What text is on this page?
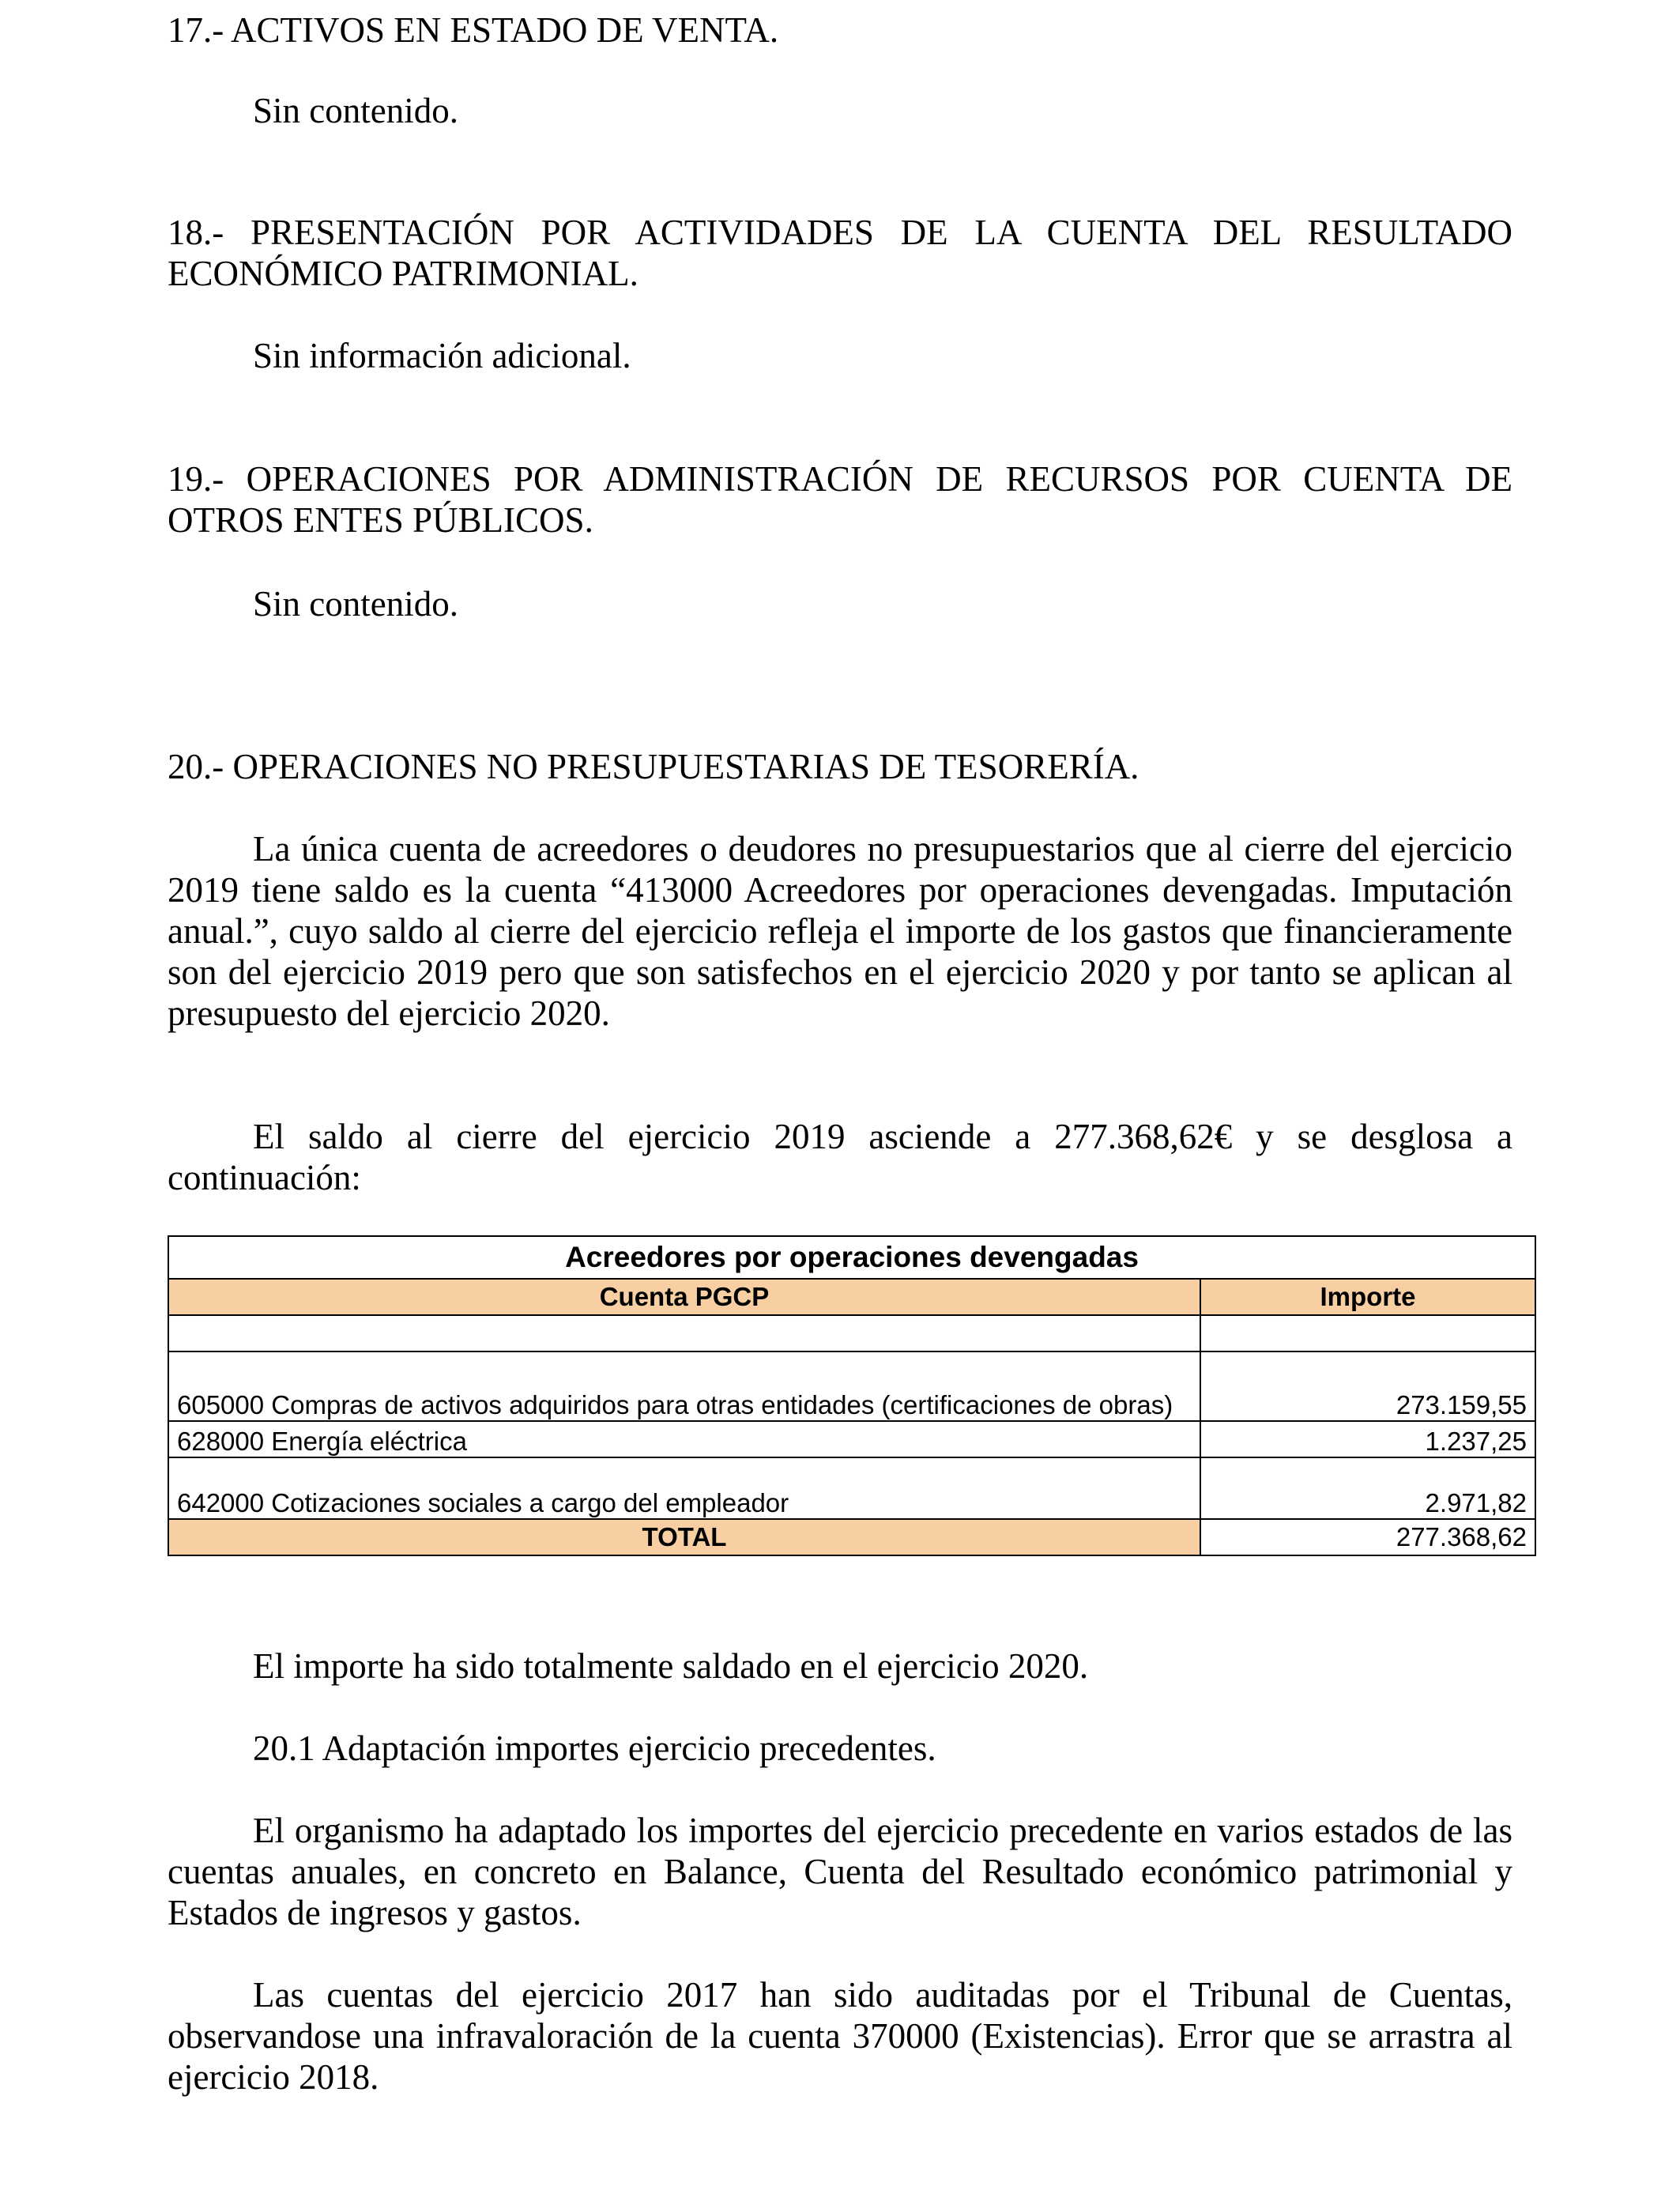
17.- ACTIVOS EN ESTADO DE VENTA.

Sin contenido.

18.- PRESENTACIÓN POR ACTIVIDADES DE LA CUENTA DEL RESULTADO ECONÓMICO PATRIMONIAL.

Sin información adicional.

19.- OPERACIONES POR ADMINISTRACIÓN DE RECURSOS POR CUENTA DE OTROS ENTES PÚBLICOS.

Sin contenido.

20.- OPERACIONES NO PRESUPUESTARIAS DE TESORERÍA.

La única cuenta de acreedores o deudores no presupuestarios que al cierre del ejercicio 2019 tiene saldo es la cuenta “413000 Acreedores por operaciones devengadas. Imputación anual.”, cuyo saldo al cierre del ejercicio refleja el importe de los gastos que financieramente son del ejercicio 2019 pero que son satisfechos en el ejercicio 2020 y por tanto se aplican al presupuesto del ejercicio 2020.

El saldo al cierre del ejercicio 2019 asciende a 277.368,62€ y se desglosa a continuación:

Acreedores por operaciones devengadas	
Cuenta PGCP	Importe

605000 Compras de activos adquiridos para otras entidades (certificaciones de obras)	273.159,55
628000 Energía eléctrica	1.237,25
642000 Cotizaciones sociales a cargo del empleador	2.971,82
TOTAL	277.368,62

El importe ha sido totalmente saldado en el ejercicio 2020.

20.1 Adaptación importes ejercicio precedentes.

El organismo ha adaptado los importes del ejercicio precedente en varios estados de las cuentas anuales, en concreto en Balance, Cuenta del Resultado económico patrimonial y Estados de ingresos y gastos.

Las cuentas del ejercicio 2017 han sido auditadas por el Tribunal de Cuentas, observandose una infravaloración de la cuenta 370000 (Existencias). Error que se arrastra al ejercicio 2018.
